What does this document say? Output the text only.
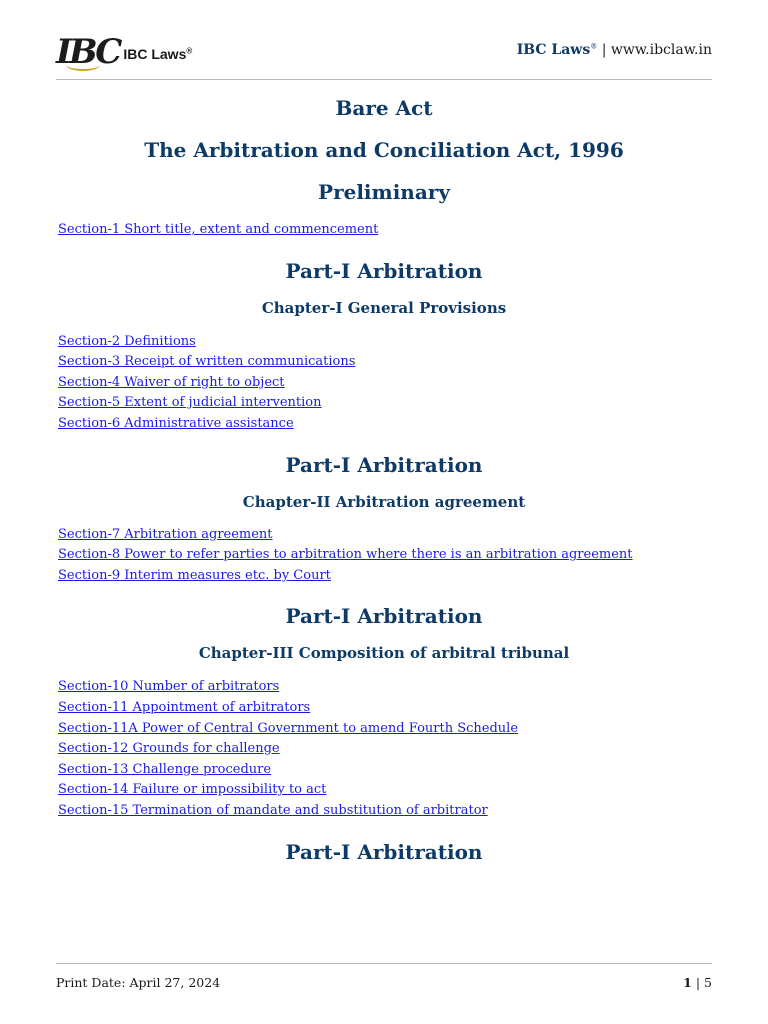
IBC IBC Laws®	IBC Laws® | www.ibclaw.in
Bare Act
The Arbitration and Conciliation Act, 1996
Preliminary
Section-1 Short title, extent and commencement
Part-I Arbitration
Chapter-I General Provisions
Section-2 Definitions
Section-3 Receipt of written communications
Section-4 Waiver of right to object
Section-5 Extent of judicial intervention
Section-6 Administrative assistance
Part-I Arbitration
Chapter-II Arbitration agreement
Section-7 Arbitration agreement
Section-8 Power to refer parties to arbitration where there is an arbitration agreement
Section-9 Interim measures etc. by Court
Part-I Arbitration
Chapter-III Composition of arbitral tribunal
Section-10 Number of arbitrators
Section-11 Appointment of arbitrators
Section-11A Power of Central Government to amend Fourth Schedule
Section-12 Grounds for challenge
Section-13 Challenge procedure
Section-14 Failure or impossibility to act
Section-15 Termination of mandate and substitution of arbitrator
Part-I Arbitration
Print Date: April 27, 2024	1 | 5
